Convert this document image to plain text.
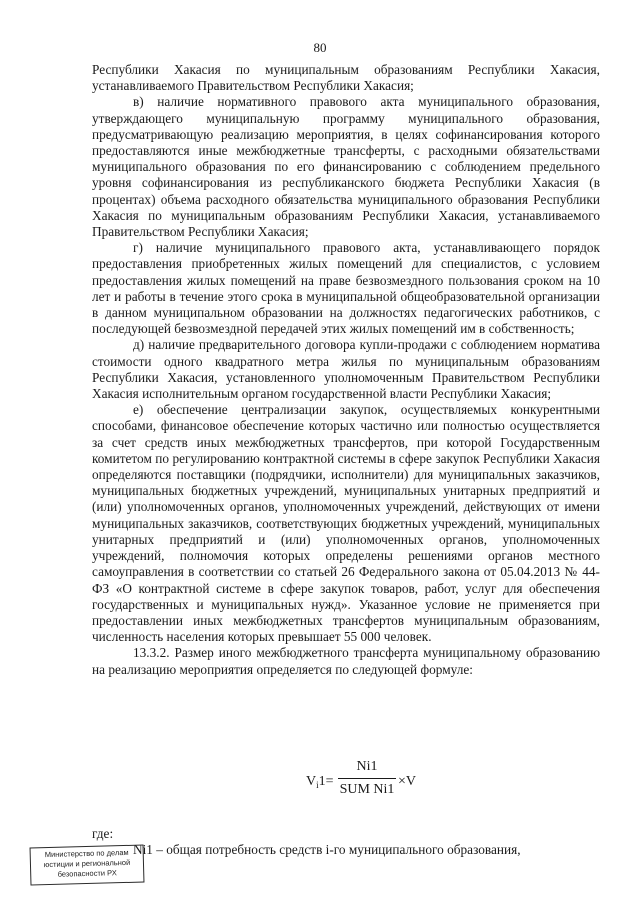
80

Республики Хакасия по муниципальным образованиям Республики Хакасия, устанавливаемого Правительством Республики Хакасия;

в) наличие нормативного правового акта муниципального образования, утверждающего муниципальную программу муниципального образования, предусматривающую реализацию мероприятия, в целях софинансирования которого предоставляются иные межбюджетные трансферты, с расходными обязательствами муниципального образования по его финансированию с соблюдением предельного уровня софинансирования из республиканского бюджета Республики Хакасия (в процентах) объема расходного обязательства муниципального образования Республики Хакасия по муниципальным образованиям Республики Хакасия, устанавливаемого Правительством Республики Хакасия;

г) наличие муниципального правового акта, устанавливающего порядок предоставления приобретенных жилых помещений для специалистов, с условием предоставления жилых помещений на праве безвозмездного пользования сроком на 10 лет и работы в течение этого срока в муниципальной общеобразовательной организации в данном муниципальном образовании на должностях педагогических работников, с последующей безвозмездной передачей этих жилых помещений им в собственность;

д) наличие предварительного договора купли-продажи с соблюдением норматива стоимости одного квадратного метра жилья по муниципальным образованиям Республики Хакасия, установленного уполномоченным Правительством Республики Хакасия исполнительным органом государственной власти Республики Хакасия;

е) обеспечение централизации закупок, осуществляемых конкурентными способами, финансовое обеспечение которых частично или полностью осуществляется за счет средств иных межбюджетных трансфертов, при которой Государственным комитетом по регулированию контрактной системы в сфере закупок Республики Хакасия определяются поставщики (подрядчики, исполнители) для муниципальных заказчиков, муниципальных бюджетных учреждений, муниципальных унитарных предприятий и (или) уполномоченных органов, уполномоченных учреждений, действующих от имени муниципальных заказчиков, соответствующих бюджетных учреждений, муниципальных унитарных предприятий и (или) уполномоченных органов, уполномоченных учреждений, полномочия которых определены решениями органов местного самоуправления в соответствии со статьей 26 Федерального закона от 05.04.2013 № 44-ФЗ «О контрактной системе в сфере закупок товаров, работ, услуг для обеспечения государственных и муниципальных нужд». Указанное условие не применяется при предоставлении иных межбюджетных трансфертов муниципальным образованиям, численность населения которых превышает 55 000 человек.

13.3.2. Размер иного межбюджетного трансферта муниципальному образованию на реализацию мероприятия определяется по следующей формуле:

$V_i1=$
Ni1
SUM Ni1
×V

где:

Ni1 – общая потребность средств i-го муниципального образования,

Министерство по делам
юстиции и региональной
безопасности РХ
